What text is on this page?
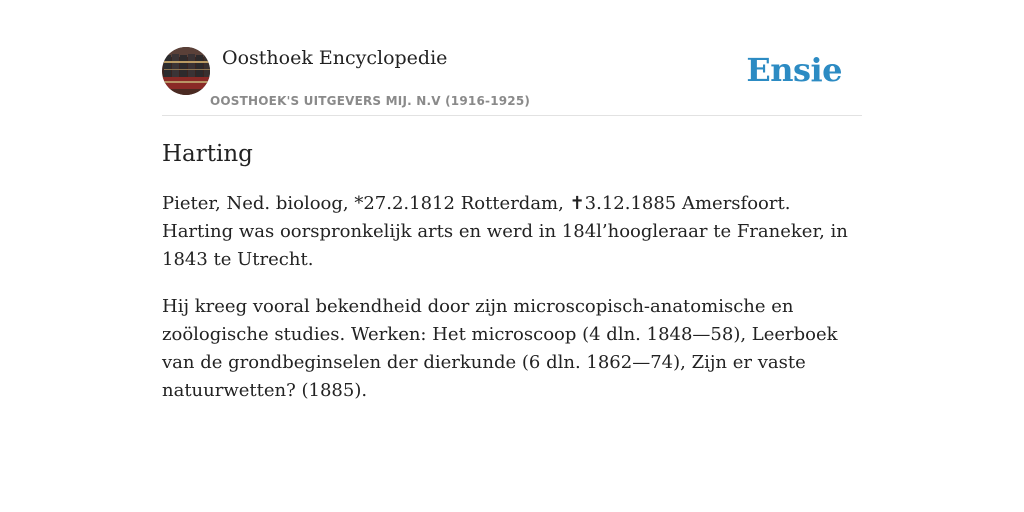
Oosthoek Encyclopedie
OOSTHOEK'S UITGEVERS MIJ. N.V (1916-1925)
Ensie
Harting

Pieter, Ned. bioloog, *27.2.1812 Rotterdam, ✝3.12.1885 Amersfoort. Harting was oorspronkelijk arts en werd in 184l’hoogleraar te Franeker, in 1843 te Utrecht.

Hij kreeg vooral bekendheid door zijn microscopisch-anatomische en zoölogische studies. Werken: Het microscoop (4 dln. 1848—58), Leerboek van de grondbeginselen der dierkunde (6 dln. 1862—74), Zijn er vaste natuurwetten? (1885).
